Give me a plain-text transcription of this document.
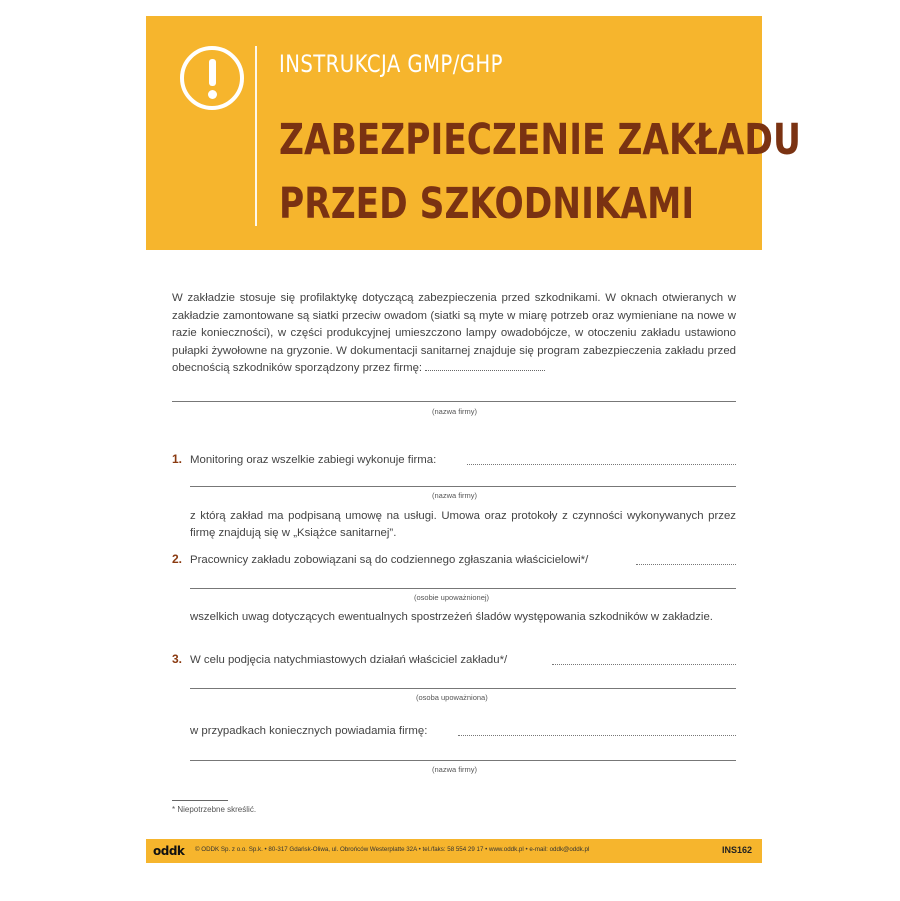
INSTRUKCJA GMP/GHP
ZABEZPIECZENIE ZAKŁADU
PRZED SZKODNIKAMI

W zakładzie stosuje się profilaktykę dotyczącą zabezpieczenia przed szkodnikami. W oknach otwieranych w zakładzie zamontowane są siatki przeciw owadom (siatki są myte w miarę potrzeb oraz wymieniane na nowe w razie konieczności), w części produkcyjnej umieszczono lampy owadobójcze, w otoczeniu zakładu ustawiono pułapki żywołowne na gryzonie. W dokumentacji sanitarnej znajduje się program zabezpieczenia zakładu przed obecnością szkodników sporządzony przez firmę:

(nazwa firmy)
1. Monitoring oraz wszelkie zabiegi wykonuje firma:
(nazwa firmy)
z którą zakład ma podpisaną umowę na usługi. Umowa oraz protokoły z czynności wykonywanych przez firmę znajdują się w „Książce sanitarnej”.
2. Pracownicy zakładu zobowiązani są do codziennego zgłaszania właścicielowi*/
(osobie upoważnionej)
wszelkich uwag dotyczących ewentualnych spostrzeżeń śladów występowania szkodników w zakładzie.
3. W celu podjęcia natychmiastowych działań właściciel zakładu*/
(osoba upoważniona)
w przypadkach koniecznych powiadamia firmę:
(nazwa firmy)
* Niepotrzebne skreślić.
oddk © ODDK Sp. z o.o. Sp.k. • 80-317 Gdańsk-Oliwa, ul. Obrońców Westerplatte 32A • tel./faks: 58 554 29 17 • www.oddk.pl • e-mail: oddk@oddk.pl	INS162
